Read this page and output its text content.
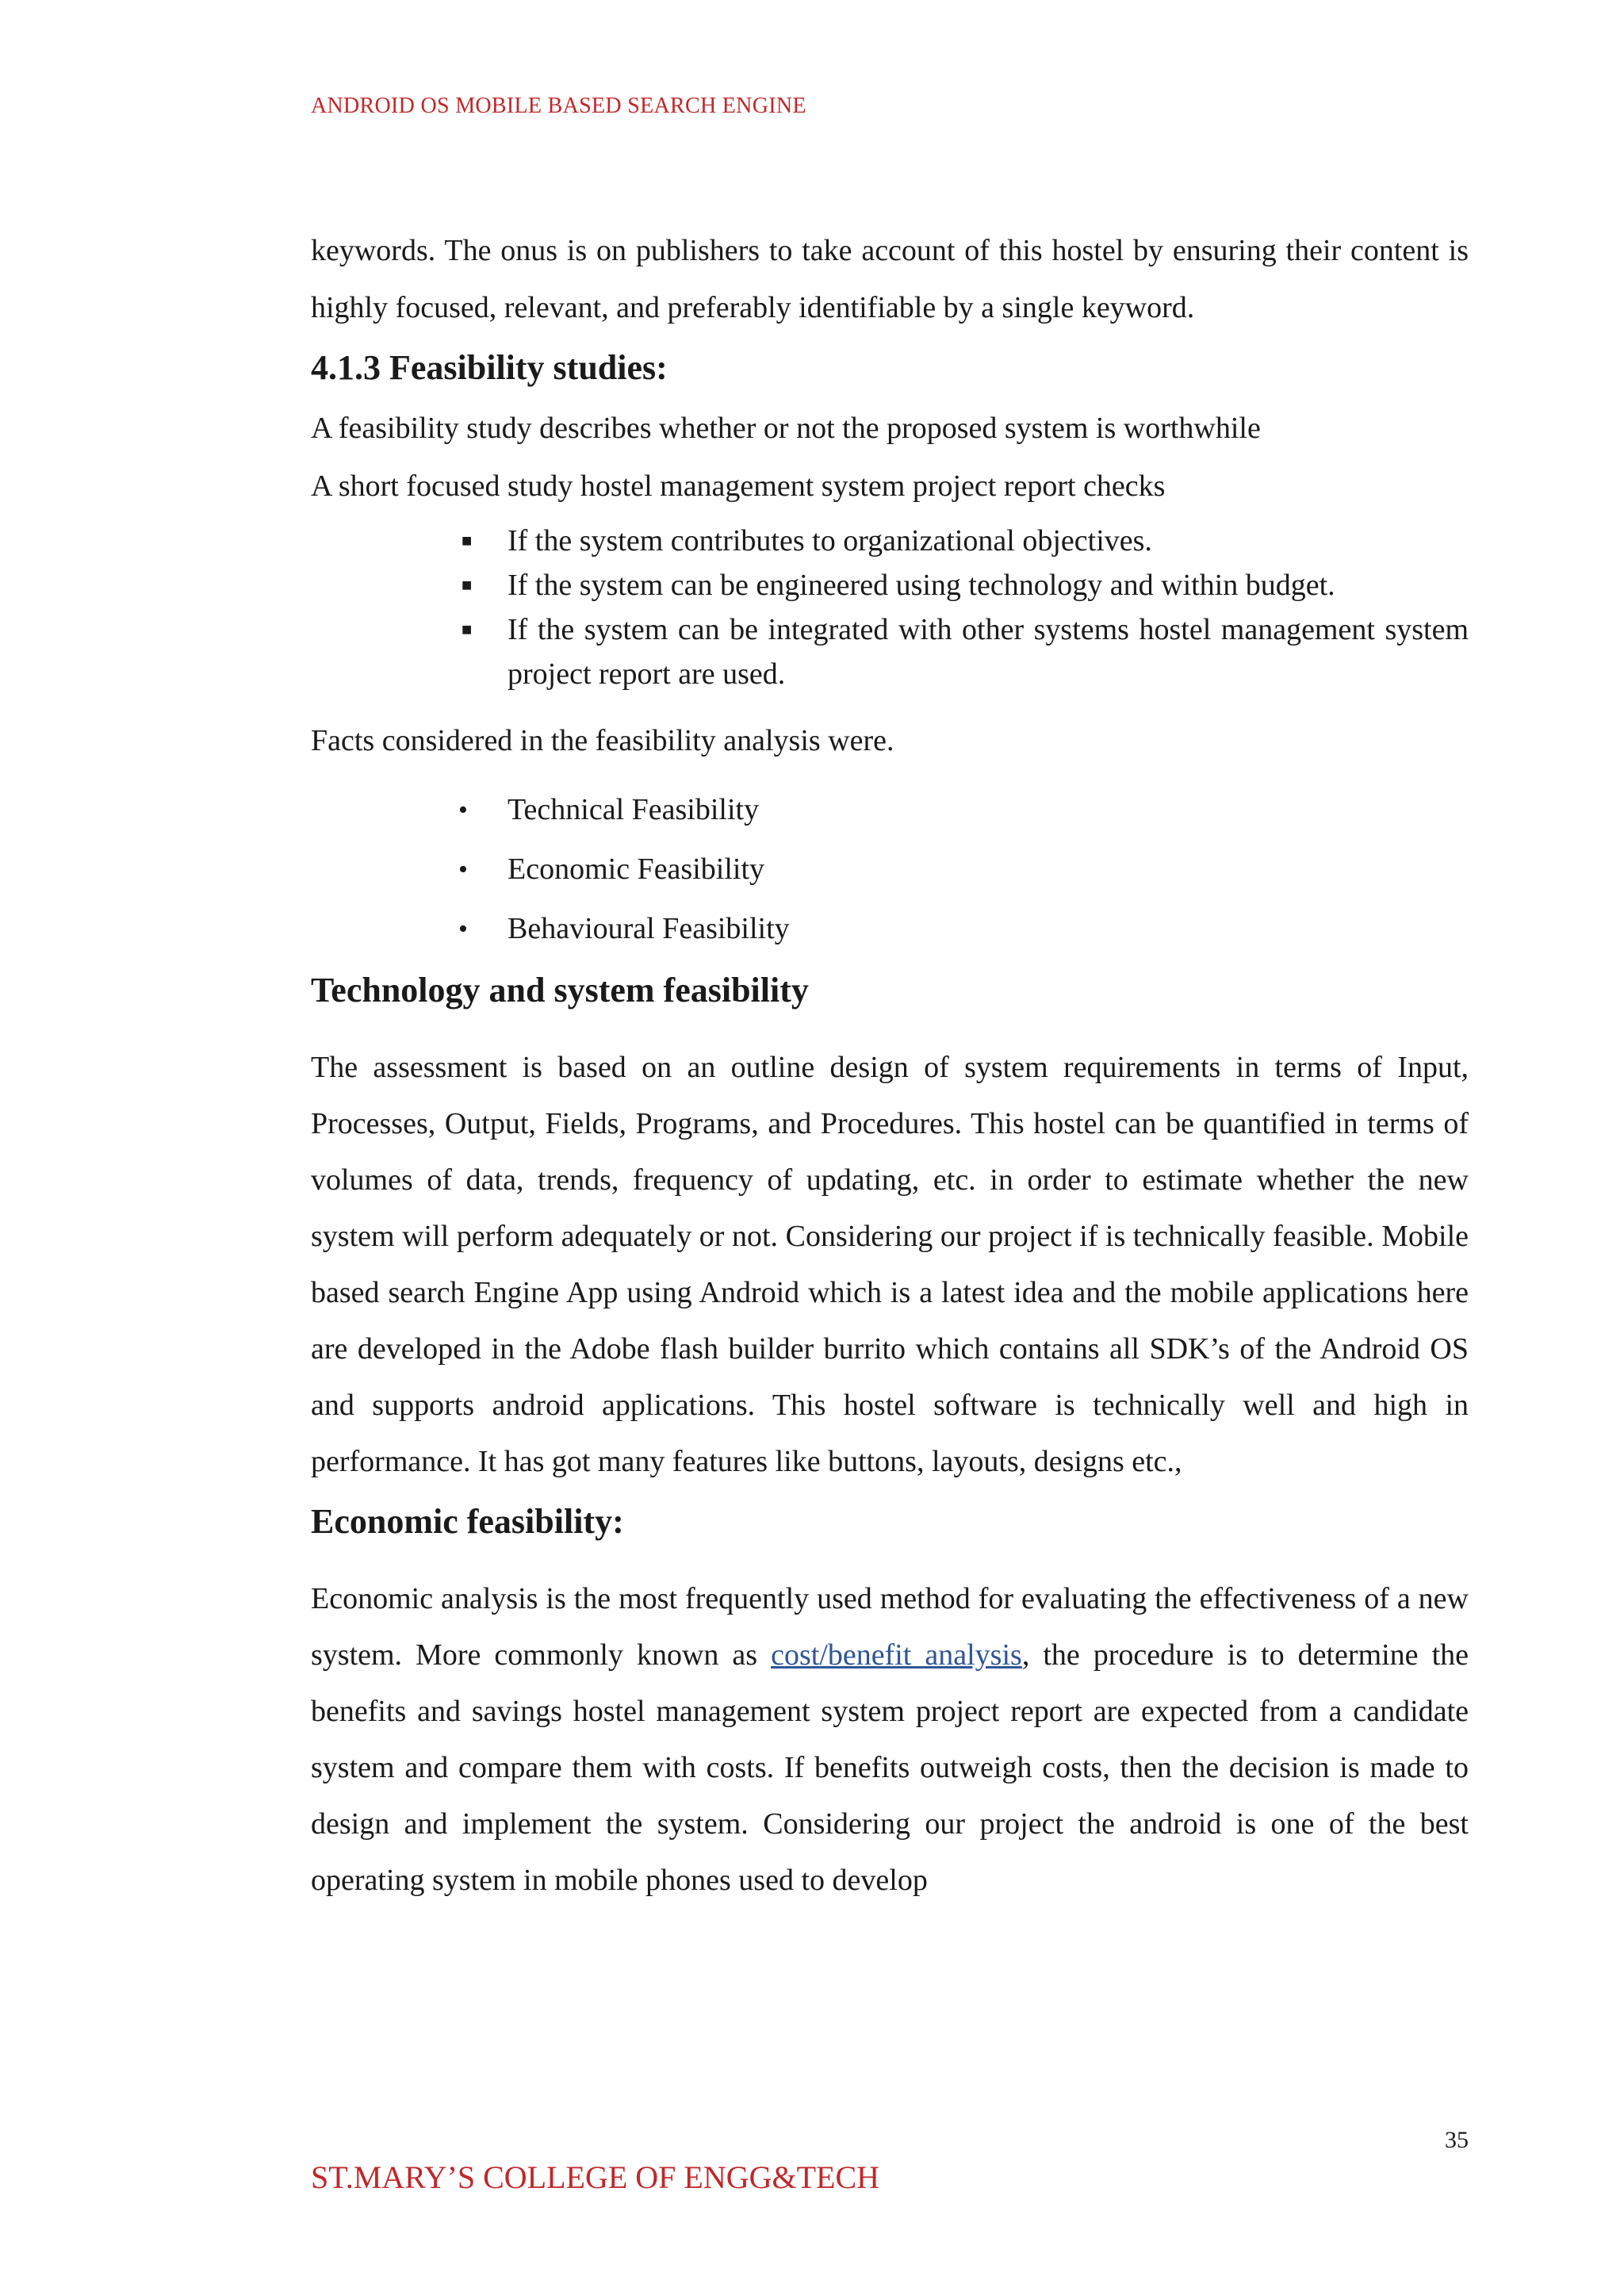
ANDROID OS MOBILE BASED SEARCH ENGINE

keywords. The onus is on publishers to take account of this hostel by ensuring their content is highly focused, relevant, and preferably identifiable by a single keyword.

4.1.3 Feasibility studies:

A feasibility study describes whether or not the proposed system is worthwhile

A short focused study hostel management system project report checks

■ If the system contributes to organizational objectives.
■ If the system can be engineered using technology and within budget.
■ If the system can be integrated with other systems hostel management system project report are used.

Facts considered in the feasibility analysis were.

• Technical Feasibility
• Economic Feasibility
• Behavioural Feasibility
Technology and system feasibility

The assessment is based on an outline design of system requirements in terms of Input, Processes, Output, Fields, Programs, and Procedures. This hostel can be quantified in terms of volumes of data, trends, frequency of updating, etc. in order to estimate whether the new system will perform adequately or not. Considering our project if is technically feasible. Mobile based search Engine App using Android which is a latest idea and the mobile applications here are developed in the Adobe flash builder burrito which contains all SDK’s of the Android OS and supports android applications. This hostel software is technically well and high in performance. It has got many features like buttons, layouts, designs etc.,

Economic feasibility:

Economic analysis is the most frequently used method for evaluating the effectiveness of a new system. More commonly known as cost/benefit analysis, the procedure is to determine the benefits and savings hostel management system project report are expected from a candidate system and compare them with costs. If benefits outweigh costs, then the decision is made to design and implement the system. Considering our project the android is one of the best operating system in mobile phones used to develop

35
ST.MARY’S COLLEGE OF ENGG&TECH
